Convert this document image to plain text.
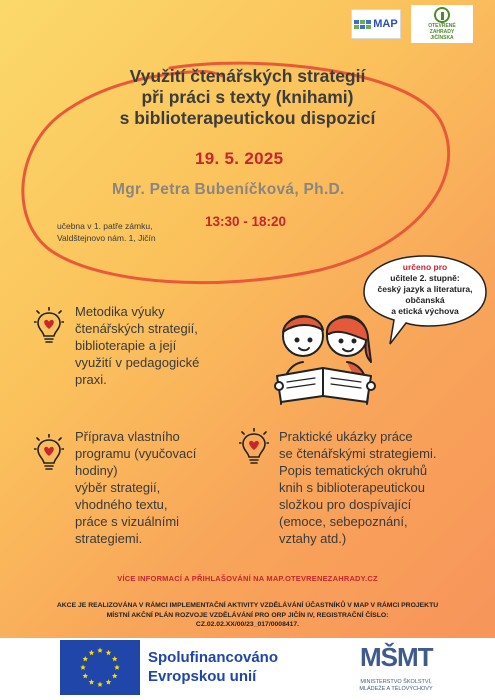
MAP	OTEVŘENÉ
ZAHRADY
JIČÍNSKA
Využití čtenářských strategií
při práci s texty (knihami)
s biblioterapeutickou dispozicí
19. 5. 2025
Mgr. Petra Bubeníčková, Ph.D.
učebna v 1. patře zámku,
Valdštejnovo nám. 1, Jičín
13:30 - 18:20
určeno pro
učitele 2. stupně:
český jazyk a literatura,
občanská
a etická výchova
Metodika výuky
čtenářských strategií,
biblioterapie a její
využití v pedagogické
praxi.
Příprava vlastního
programu (vyučovací
hodiny)
výběr strategií,
vhodného textu,
práce s vizuálními
strategiemi.
Praktické ukázky práce
se čtenářskými strategiemi.
Popis tematických okruhů
knih s biblioterapeutickou
složkou pro dospívající
(emoce, sebepoznání,
vztahy atd.)
VÍCE INFORMACÍ A PŘIHLAŠOVÁNÍ NA MAP.OTEVRENEZAHRADY.CZ
AKCE JE REALIZOVÁNA V RÁMCI IMPLEMENTAČNÍ AKTIVITY VZDĚLÁVÁNÍ ÚČASTNÍKŮ V MAP V RÁMCI PROJEKTU
MÍSTNÍ AKČNÍ PLÁN ROZVOJE VZDĚLÁVÁNÍ PRO ORP JIČÍN IV, REGISTRAČNÍ ČÍSLO:
CZ.02.02.XX/00/23_017/0008417.
Spolufinancováno
Evropskou unií
MŠMT
MINISTERSTVO ŠKOLSTVÍ,
MLÁDEŽE A TĚLOVÝCHOVY
